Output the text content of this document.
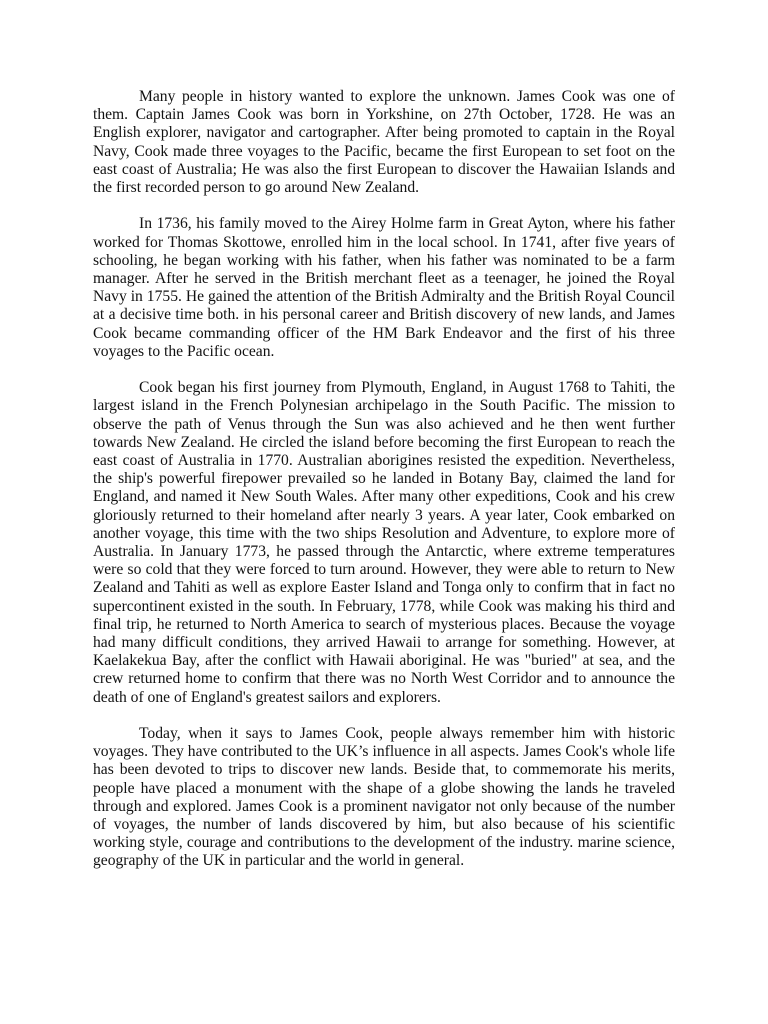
Many people in history wanted to explore the unknown. James Cook was one of them. Captain James Cook was born in Yorkshine, on 27th October, 1728. He was an English explorer, navigator and cartographer. After being promoted to captain in the Royal Navy, Cook made three voyages to the Pacific, became the first European to set foot on the east coast of Australia; He was also the first European to discover the Hawaiian Islands and the first recorded person to go around New Zealand.

In 1736, his family moved to the Airey Holme farm in Great Ayton, where his father worked for Thomas Skottowe, enrolled him in the local school. In 1741, after five years of schooling, he began working with his father, when his father was nominated to be a farm manager. After he served in the British merchant fleet as a teenager, he joined the Royal Navy in 1755. He gained the attention of the British Admiralty and the British Royal Council at a decisive time both. in his personal career and British discovery of new lands, and James Cook became commanding officer of the HM Bark Endeavor and the first of his three voyages to the Pacific ocean.

Cook began his first journey from Plymouth, England, in August 1768 to Tahiti, the largest island in the French Polynesian archipelago in the South Pacific. The mission to observe the path of Venus through the Sun was also achieved and he then went further towards New Zealand. He circled the island before becoming the first European to reach the east coast of Australia in 1770. Australian aborigines resisted the expedition. Nevertheless, the ship's powerful firepower prevailed so he landed in Botany Bay, claimed the land for England, and named it New South Wales. After many other expeditions, Cook and his crew gloriously returned to their homeland after nearly 3 years. A year later, Cook embarked on another voyage, this time with the two ships Resolution and Adventure, to explore more of Australia. In January 1773, he passed through the Antarctic, where extreme temperatures were so cold that they were forced to turn around. However, they were able to return to New Zealand and Tahiti as well as explore Easter Island and Tonga only to confirm that in fact no supercontinent existed in the south. In February, 1778, while Cook was making his third and final trip, he returned to North America to search of mysterious places. Because the voyage had many difficult conditions, they arrived Hawaii to arrange for something. However, at Kaelakekua Bay, after the conflict with Hawaii aboriginal. He was "buried" at sea, and the crew returned home to confirm that there was no North West Corridor and to announce the death of one of England's greatest sailors and explorers.

Today, when it says to James Cook, people always remember him with historic voyages. They have contributed to the UK’s influence in all aspects. James Cook's whole life has been devoted to trips to discover new lands. Beside that, to commemorate his merits, people have placed a monument with the shape of a globe showing the lands he traveled through and explored. James Cook is a prominent navigator not only because of the number of voyages, the number of lands discovered by him, but also because of his scientific working style, courage and contributions to the development of the industry. marine science, geography of the UK in particular and the world in general.
